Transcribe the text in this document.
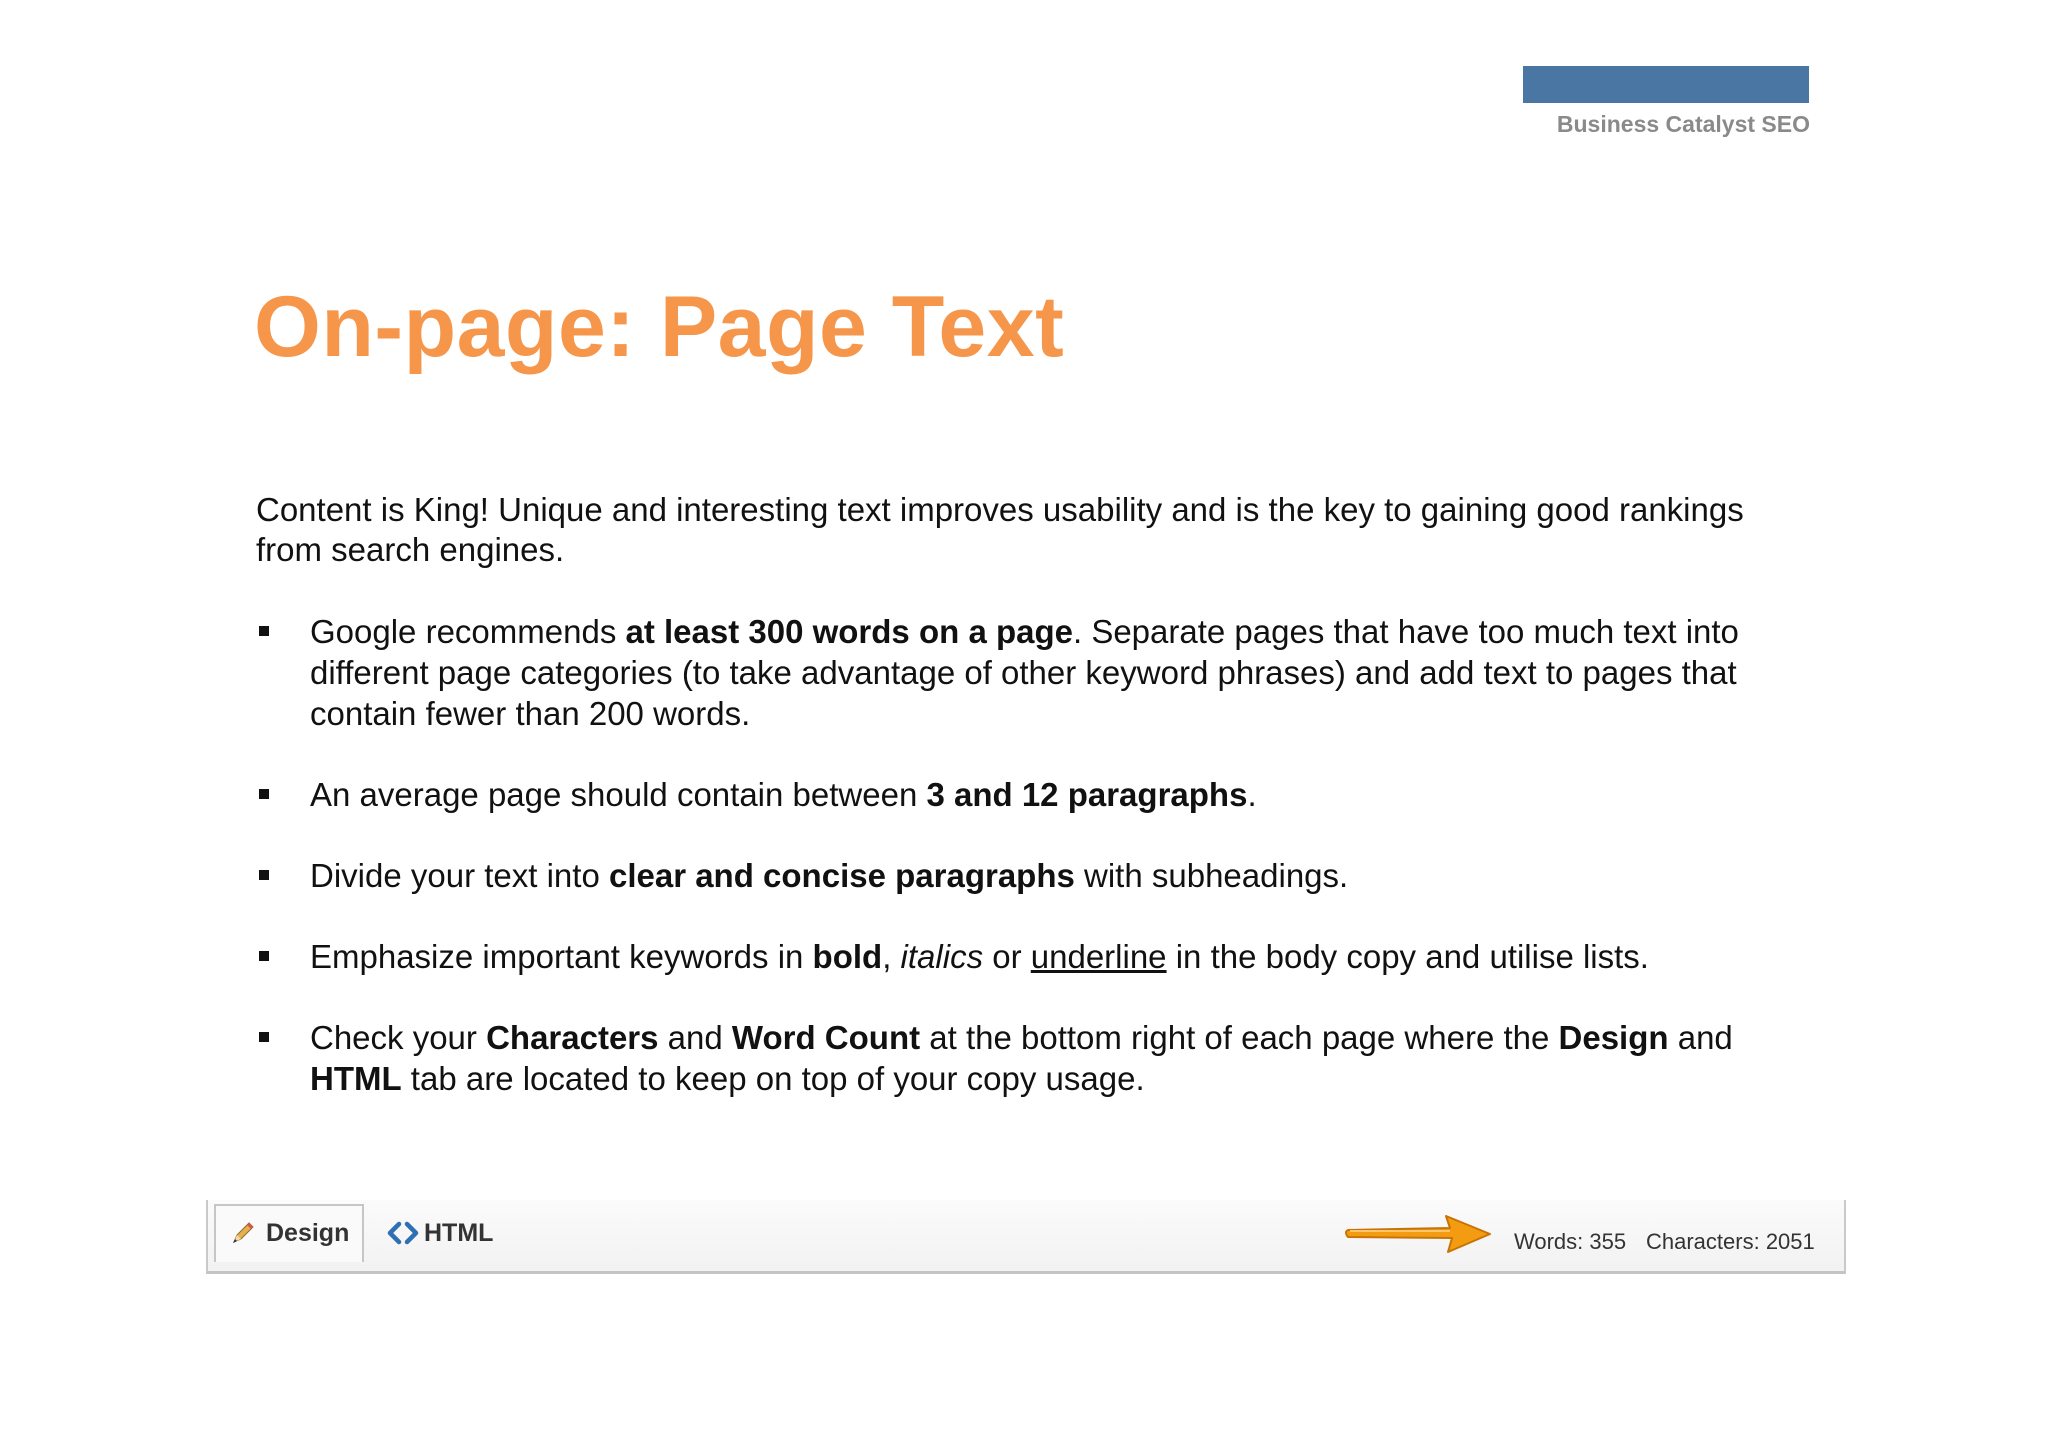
Business Catalyst SEO
On-page: Page Text

Content is King! Unique and interesting text improves usability and is the key to gaining good rankings from search engines.

Google recommends at least 300 words on a page. Separate pages that have too much text into different page categories (to take advantage of other keyword phrases) and add text to pages that contain fewer than 200 words.
An average page should contain between 3 and 12 paragraphs.
Divide your text into clear and concise paragraphs with subheadings.
Emphasize important keywords in bold, italics or underline in the body copy and utilise lists.
Check your Characters and Word Count at the bottom right of each page where the Design and HTML tab are located to keep on top of your copy usage.
Design	HTML	Words: 355 Characters: 2051
